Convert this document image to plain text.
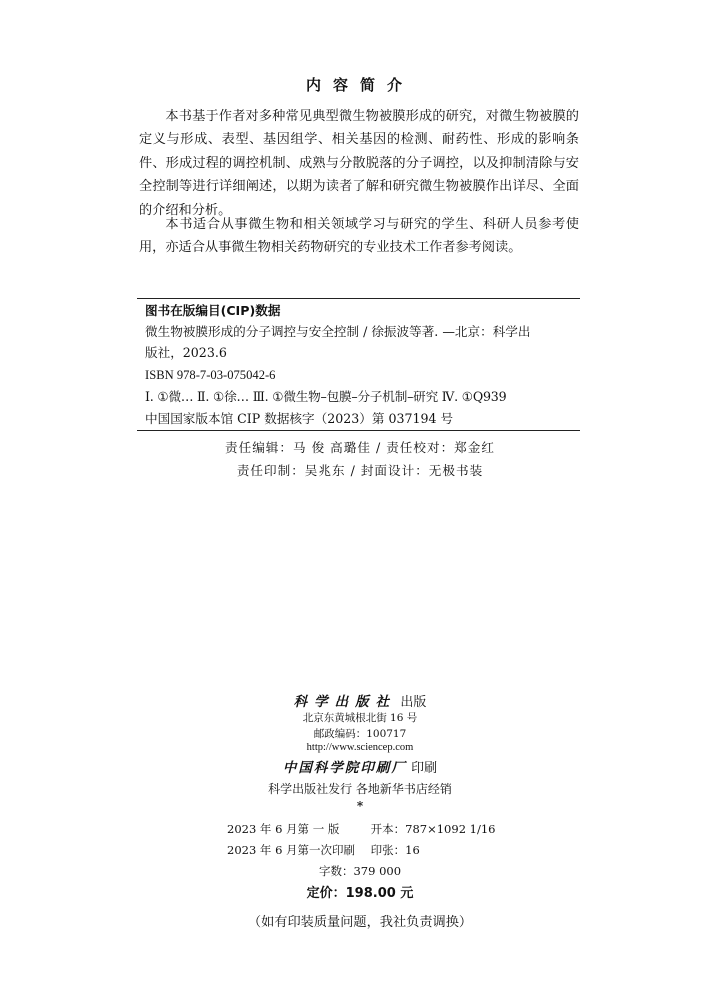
内容简介

本书基于作者对多种常见典型微生物被膜形成的研究，对微生物被膜的定义与形成、表型、基因组学、相关基因的检测、耐药性、形成的影响条件、形成过程的调控机制、成熟与分散脱落的分子调控，以及抑制清除与安全控制等进行详细阐述，以期为读者了解和研究微生物被膜作出详尽、全面的介绍和分析。

本书适合从事微生物和相关领域学习与研究的学生、科研人员参考使用，亦适合从事微生物相关药物研究的专业技术工作者参考阅读。

图书在版编目(CIP)数据
微生物被膜形成的分子调控与安全控制 / 徐振波等著. —北京：科学出
版社，2023.6
ISBN 978-7-03-075042-6
Ⅰ. ①微… Ⅱ. ①徐… Ⅲ. ①微生物–包膜–分子机制–研究 Ⅳ. ①Q939
中国国家版本馆 CIP 数据核字（2023）第 037194 号
责任编辑：马 俊 高璐佳 / 责任校对：郑金红
责任印制：吴兆东 / 封面设计：无极书装
科学出版社 出版
北京东黄城根北街 16 号
邮政编码：100717
http://www.sciencep.com
中国科学院印刷厂 印刷
科学出版社发行 各地新华书店经销
*
2023 年 6 月第 一 版	开本：787×1092 1/16
2023 年 6 月第一次印刷 印张：16
字数：379 000
定价：198.00 元
（如有印装质量问题，我社负责调换）
